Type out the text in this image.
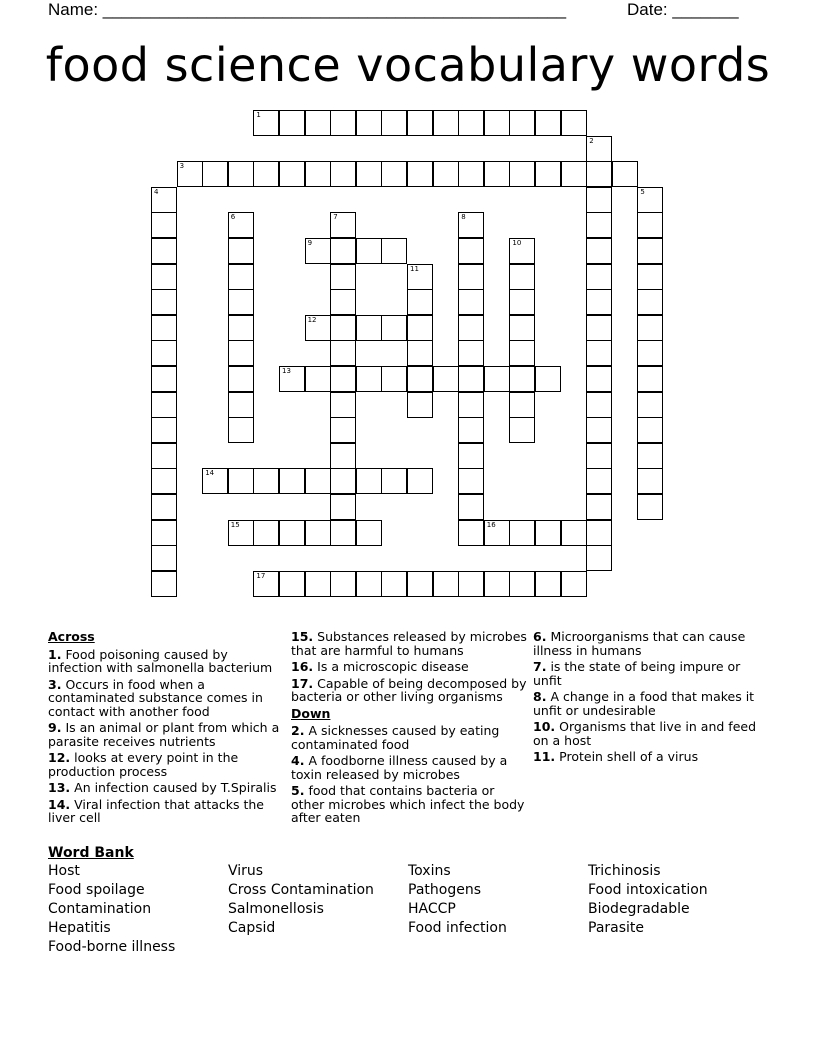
Name: _________________________________________________	Date: _______
food science vocabulary words
1
2
3
4	5
6	7	8
9	10
11
12
13
14
15	16
17
Across
1. Food poisoning caused by infection with salmonella bacterium
3. Occurs in food when a contaminated substance comes in contact with another food
9. Is an animal or plant from which a parasite receives nutrients
12. looks at every point in the production process
13. An infection caused by T.Spiralis
14. Viral infection that attacks the liver cell
15. Substances released by microbes that are harmful to humans
16. Is a microscopic disease
17. Capable of being decomposed by bacteria or other living organisms
Down
2. A sicknesses caused by eating contaminated food
4. A foodborne illness caused by a toxin released by microbes
5. food that contains bacteria or other microbes which infect the body after eaten
6. Microorganisms that can cause illness in humans
7. is the state of being impure or unfit
8. A change in a food that makes it unfit or undesirable
10. Organisms that live in and feed on a host
11. Protein shell of a virus
Word Bank
Host
Food spoilage
Contamination
Hepatitis
Food-borne illness
Virus
Cross Contamination
Salmonellosis
Capsid
Toxins
Pathogens
HACCP
Food infection
Trichinosis
Food intoxication
Biodegradable
Parasite
